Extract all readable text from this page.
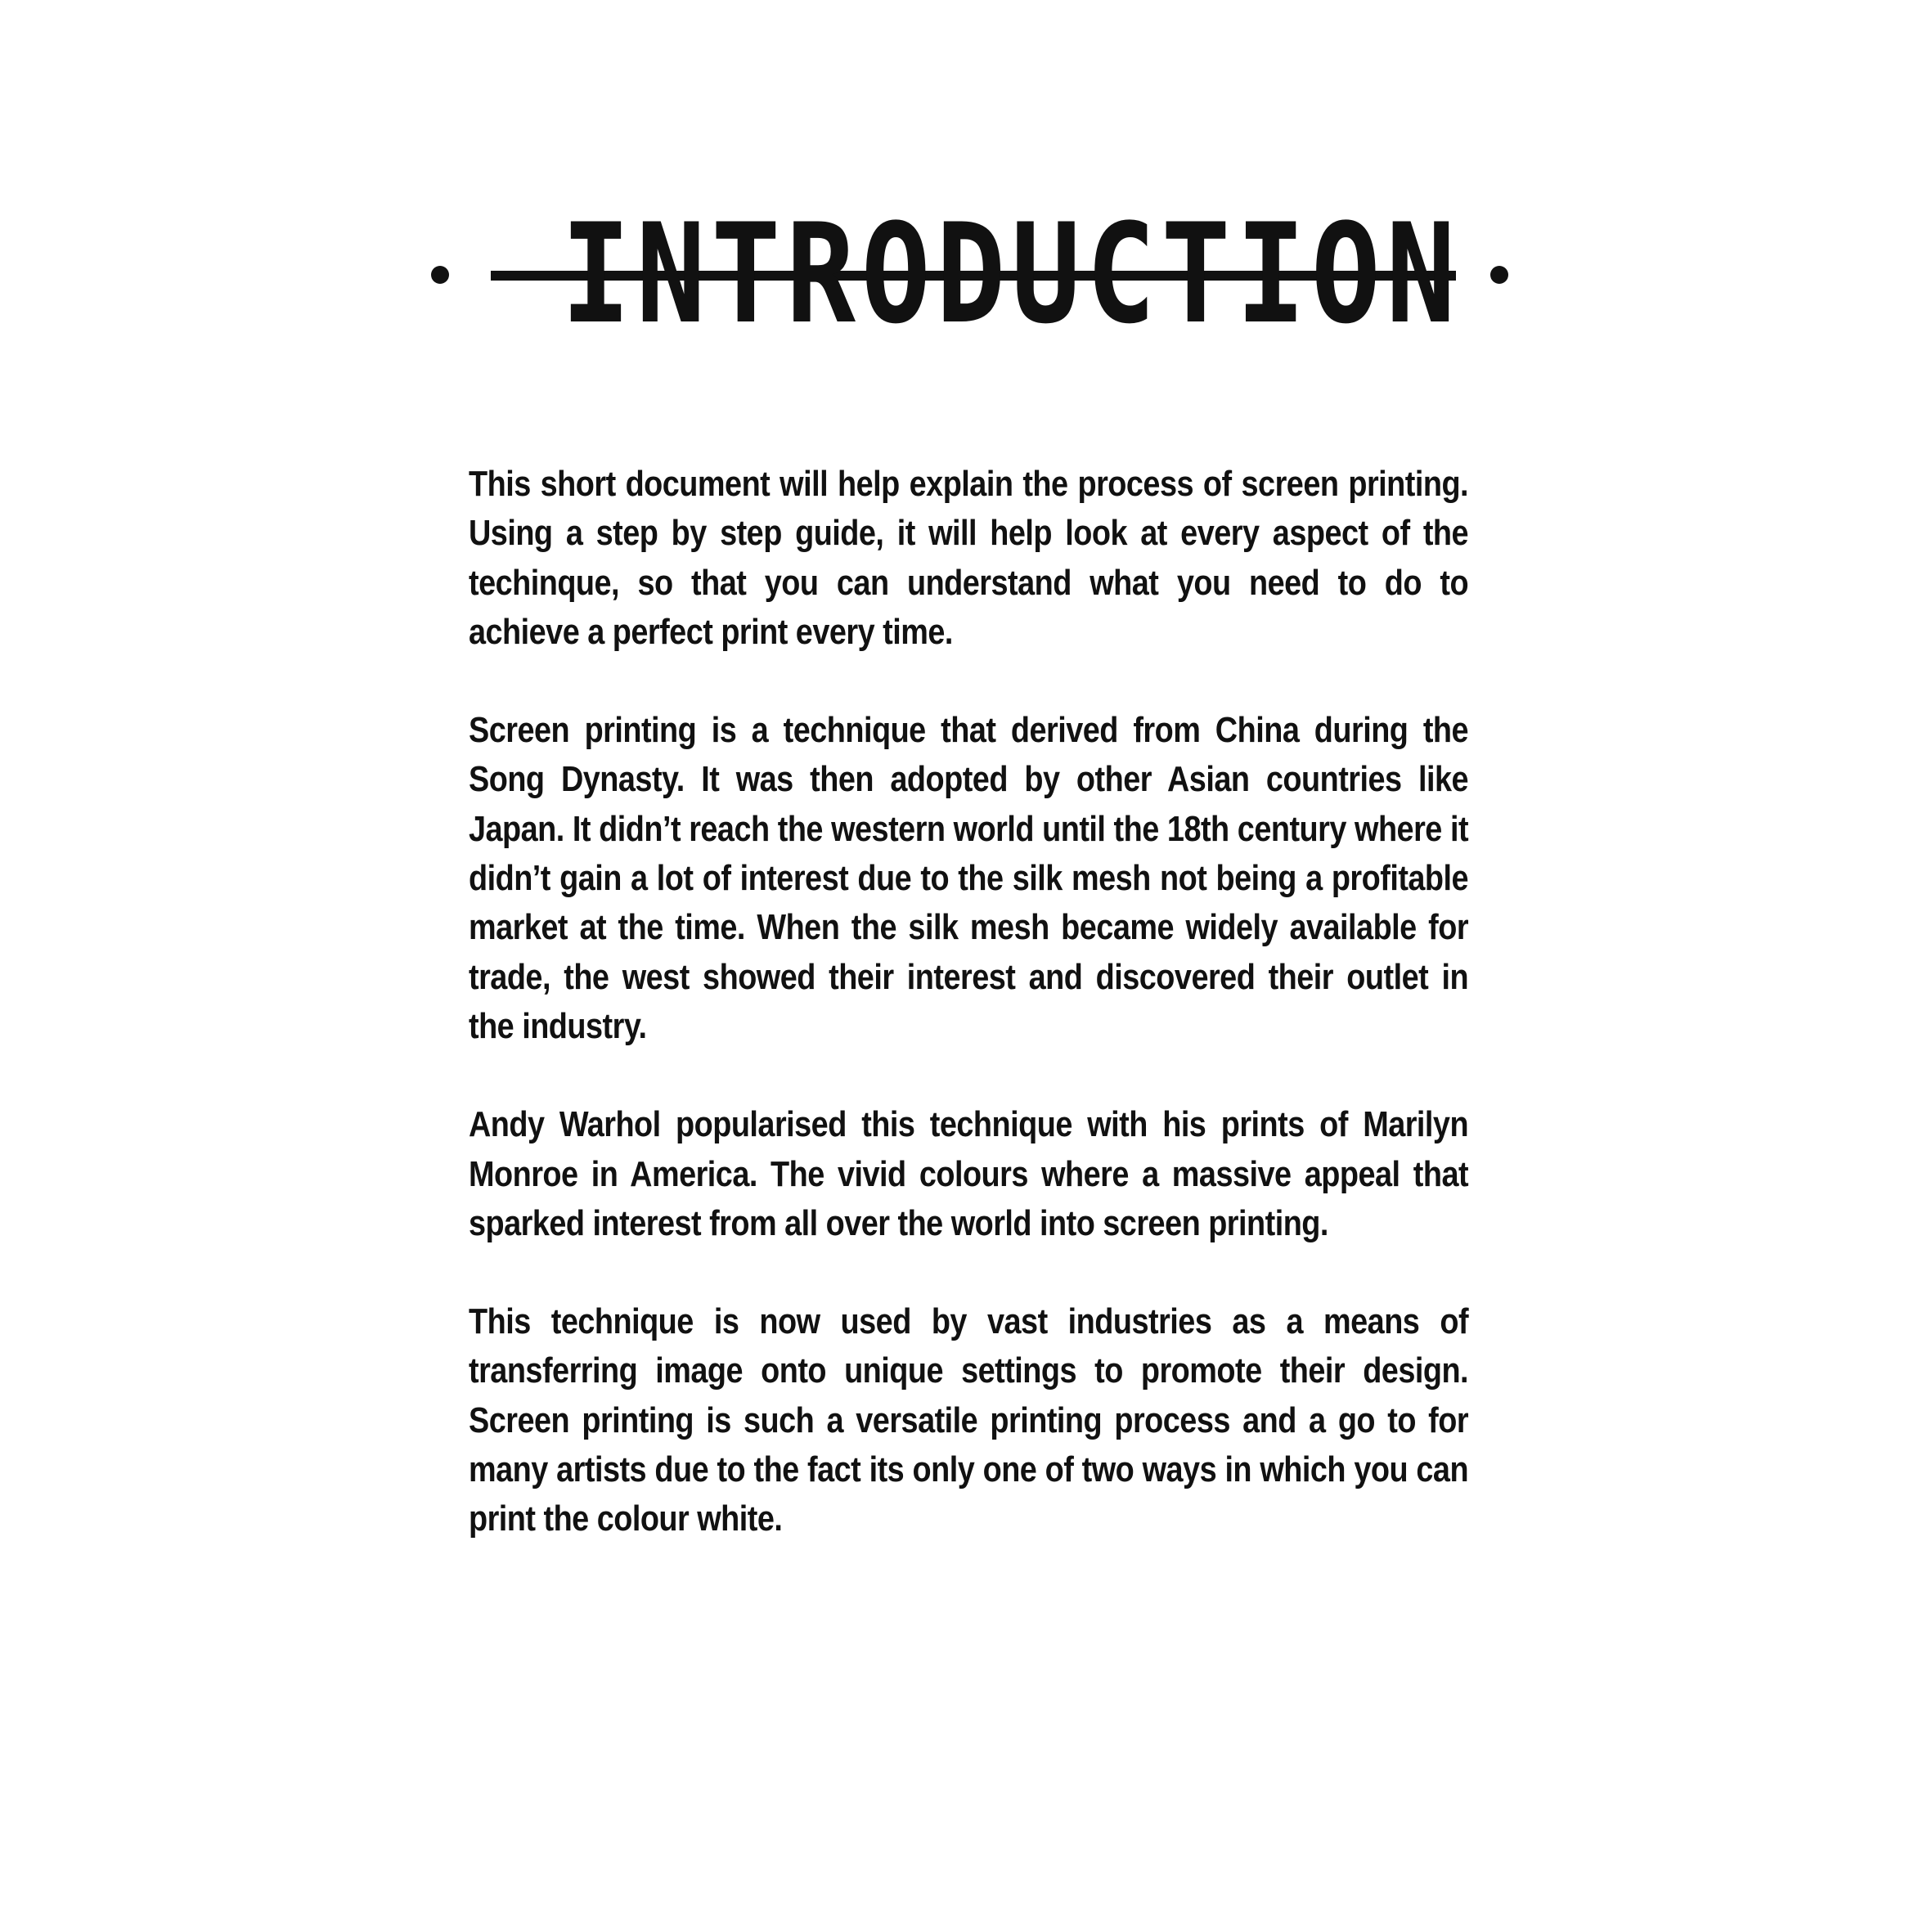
INTRODUCTION

This short document will help explain the process of screen printing. Using a step by step guide, it will help look at every aspect of the techinque, so that you can understand what you need to do to achieve a perfect print every time.

Screen printing is a technique that derived from China during the Song Dynasty. It was then adopted by other Asian countries like Japan. It didn’t reach the western world until the 18th century where it didn’t gain a lot of interest due to the silk mesh not being a profitable market at the time. When the silk mesh became widely available for trade, the west showed their interest and discovered their outlet in the industry.

Andy Warhol popularised this technique with his prints of Marilyn Monroe in America. The vivid colours where a massive appeal that sparked interest from all over the world into screen printing.

This technique is now used by vast industries as a means of transferring image onto unique settings to promote their design. Screen printing is such a versatile printing process and a go to for many artists due to the fact its only one of two ways in which you can print the colour white.
